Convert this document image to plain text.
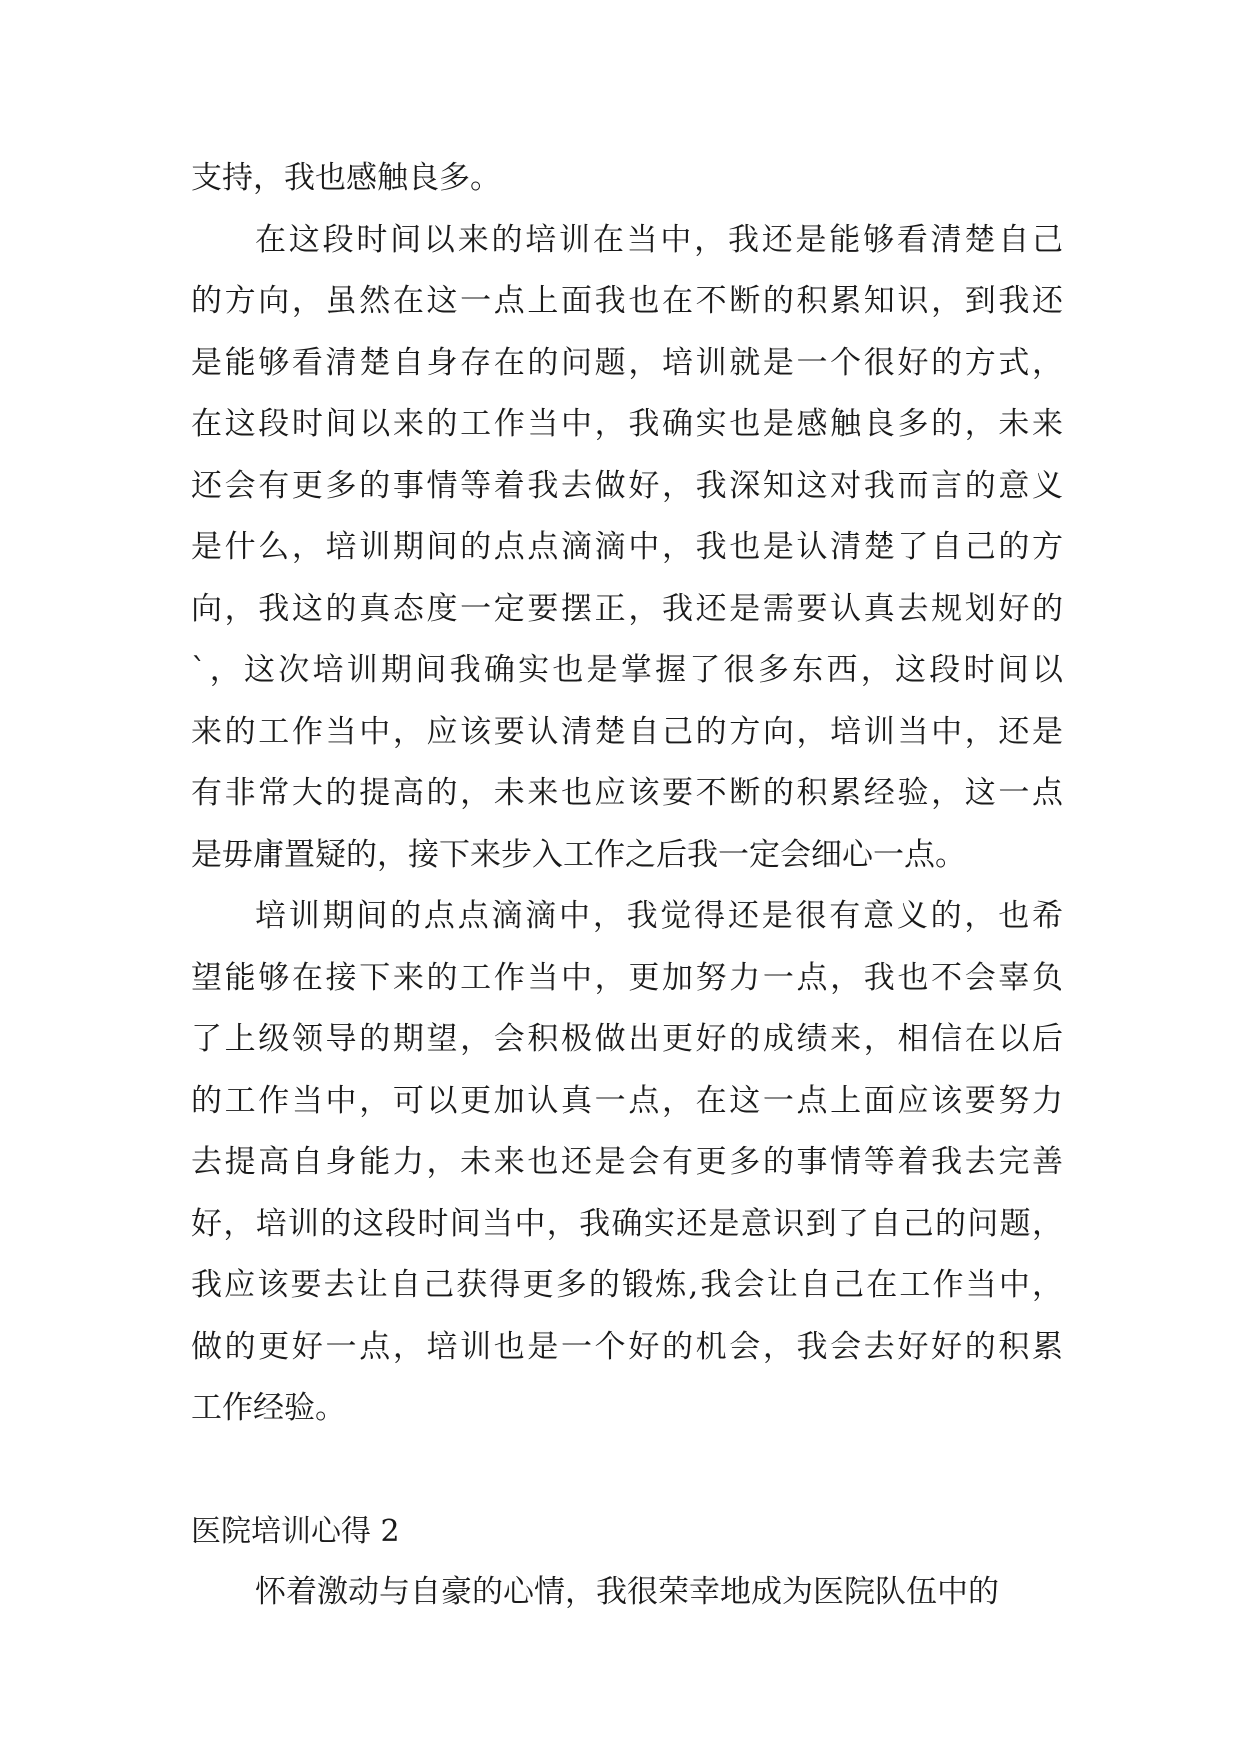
支持，我也感触良多。
在这段时间以来的培训在当中，我还是能够看清楚自己
的方向，虽然在这一点上面我也在不断的积累知识，到我还
是能够看清楚自身存在的问题，培训就是一个很好的方式，
在这段时间以来的工作当中，我确实也是感触良多的，未来
还会有更多的事情等着我去做好，我深知这对我而言的意义
是什么，培训期间的点点滴滴中，我也是认清楚了自己的方
向，我这的真态度一定要摆正，我还是需要认真去规划好的
`，这次培训期间我确实也是掌握了很多东西，这段时间以
来的工作当中，应该要认清楚自己的方向，培训当中，还是
有非常大的提高的，未来也应该要不断的积累经验，这一点
是毋庸置疑的，接下来步入工作之后我一定会细心一点。
培训期间的点点滴滴中，我觉得还是很有意义的，也希
望能够在接下来的工作当中，更加努力一点，我也不会辜负
了上级领导的期望，会积极做出更好的成绩来，相信在以后
的工作当中，可以更加认真一点，在这一点上面应该要努力
去提高自身能力，未来也还是会有更多的事情等着我去完善
好，培训的这段时间当中，我确实还是意识到了自己的问题，
我应该要去让自己获得更多的锻炼,我会让自己在工作当中，
做的更好一点，培训也是一个好的机会，我会去好好的积累
工作经验。
医院培训心得 2
怀着激动与自豪的心情，我很荣幸地成为医院队伍中的
